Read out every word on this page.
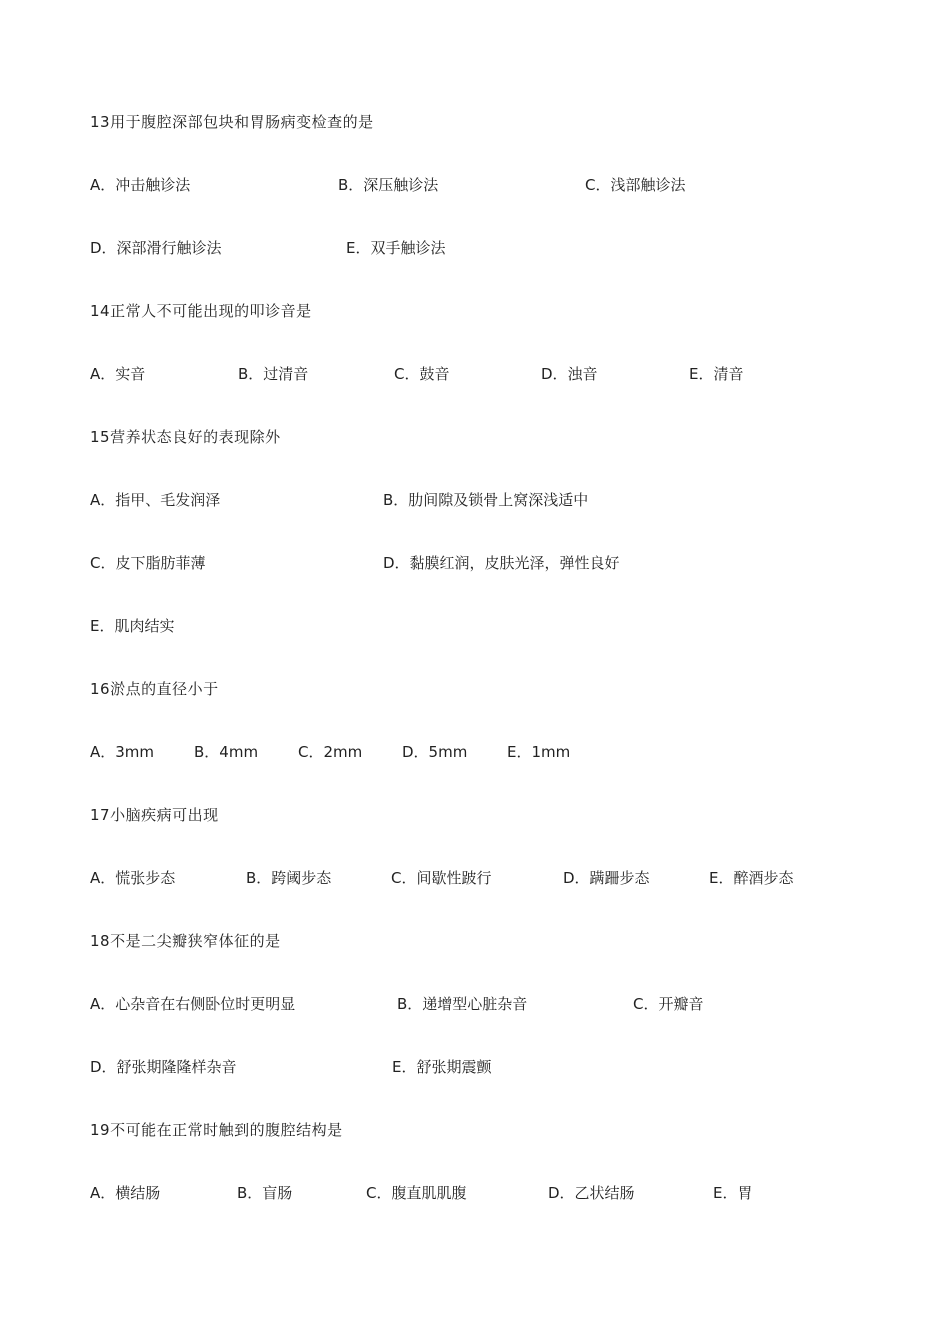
13用于腹腔深部包块和胃肠病变检查的是
A．冲击触诊法	B．深压触诊法	C．浅部触诊法
D．深部滑行触诊法	E．双手触诊法
14正常人不可能出现的叩诊音是
A．实音	B．过清音	C．鼓音	D．浊音	E．清音
15营养状态良好的表现除外
A．指甲、毛发润泽	B．肋间隙及锁骨上窝深浅适中
C．皮下脂肪菲薄	D．黏膜红润，皮肤光泽，弹性良好
E．肌肉结实
16淤点的直径小于
A．3mm	B．4mm	C．2mm	D．5mm	E．1mm
17小脑疾病可出现
A．慌张步态	B．跨阈步态	C．间歇性跛行	D．蹒跚步态	E．醉酒步态
18不是二尖瓣狭窄体征的是
A．心杂音在右侧卧位时更明显	B．递增型心脏杂音	C．开瓣音
D．舒张期隆隆样杂音	E．舒张期震颤
19不可能在正常时触到的腹腔结构是
A．横结肠	B．盲肠	C．腹直肌肌腹	D．乙状结肠	E．胃
